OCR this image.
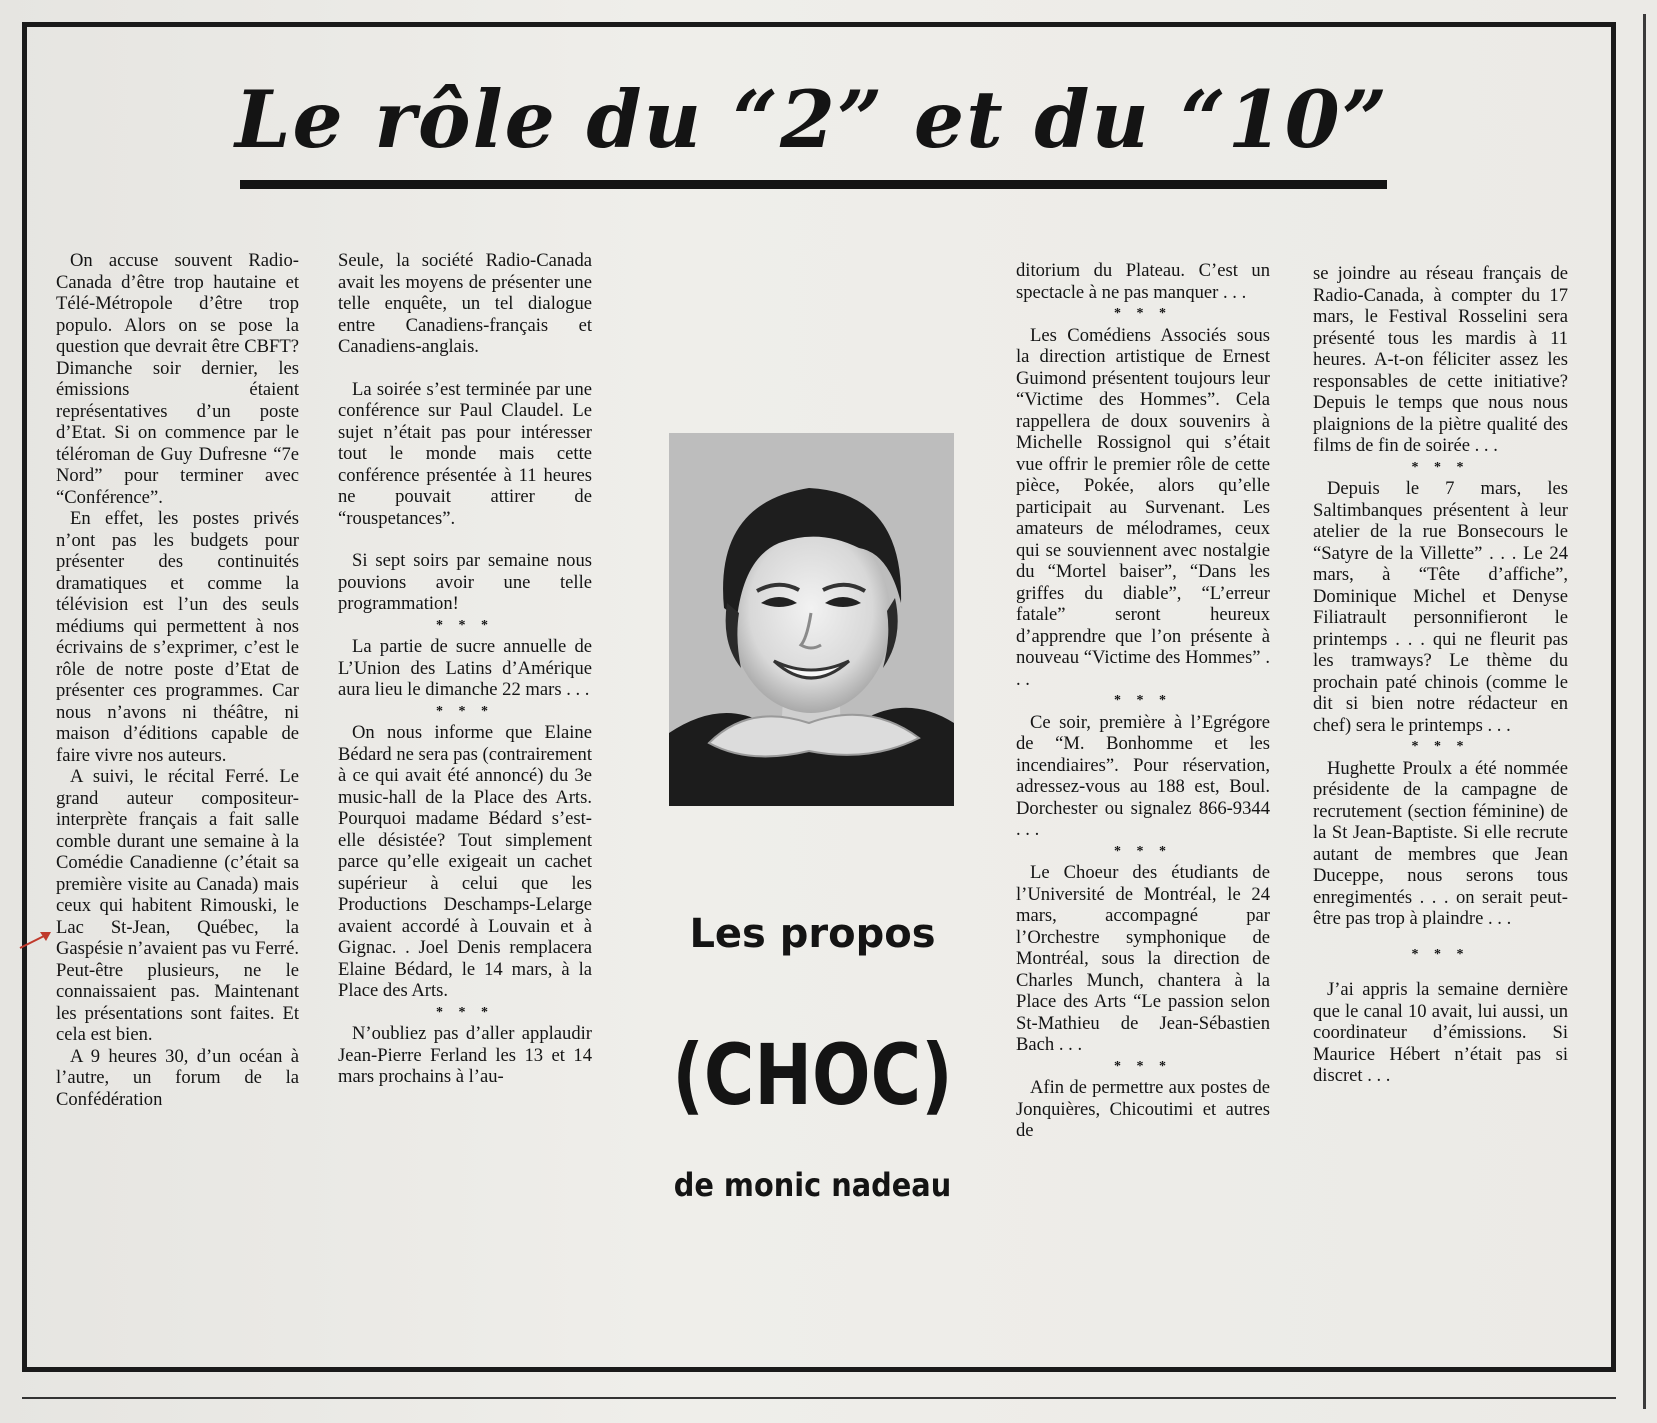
Le rôle du “2” et du “10”

On accuse souvent Radio-Canada d’être trop hautaine et Télé-Métropole d’être trop populo. Alors on se pose la question que devrait être CBFT? Dimanche soir dernier, les émissions étaient représentatives d’un poste d’Etat. Si on commence par le téléroman de Guy Dufresne “7e Nord” pour terminer avec “Conférence”.

En effet, les postes privés n’ont pas les budgets pour présenter des continuités dramatiques et comme la télévision est l’un des seuls médiums qui permettent à nos écrivains de s’exprimer, c’est le rôle de notre poste d’Etat de présenter ces programmes. Car nous n’avons ni théâtre, ni maison d’éditions capable de faire vivre nos auteurs.

A suivi, le récital Ferré. Le grand auteur compositeur-interprète français a fait salle comble durant une semaine à la Comédie Canadienne (c’était sa première visite au Canada) mais ceux qui habitent Rimouski, le Lac St-Jean, Québec, la Gaspésie n’avaient pas vu Ferré. Peut-être plusieurs, ne le connaissaient pas. Maintenant les présentations sont faites. Et cela est bien.

A 9 heures 30, d’un océan à l’autre, un forum de la Confédération

Seule, la société Radio-Canada avait les moyens de présenter une telle enquête, un tel dialogue entre Canadiens-français et Canadiens-anglais.

La soirée s’est terminée par une conférence sur Paul Claudel. Le sujet n’était pas pour intéresser tout le monde mais cette conférence présentée à 11 heures ne pouvait attirer de “rouspetances”.

Si sept soirs par semaine nous pouvions avoir une telle programmation!

* * *

La partie de sucre annuelle de L’Union des Latins d’Amérique aura lieu le dimanche 22 mars . . .

* * *

On nous informe que Elaine Bédard ne sera pas (contrairement à ce qui avait été annoncé) du 3e music-hall de la Place des Arts. Pourquoi madame Bédard s’est-elle désistée? Tout simplement parce qu’elle exigeait un cachet supérieur à celui que les Productions Deschamps-Lelarge avaient accordé à Louvain et à Gignac. . Joel Denis remplacera Elaine Bédard, le 14 mars, à la Place des Arts.

* * *

N’oubliez pas d’aller applaudir Jean-Pierre Ferland les 13 et 14 mars prochains à l’au-

Les propos
(CHOC)
de monic nadeau

ditorium du Plateau. C’est un spectacle à ne pas manquer . . .

* * *

Les Comédiens Associés sous la direction artistique de Ernest Guimond présentent toujours leur “Victime des Hommes”. Cela rappellera de doux souvenirs à Michelle Rossignol qui s’était vue offrir le premier rôle de cette pièce, Pokée, alors qu’elle participait au Survenant. Les amateurs de mélodrames, ceux qui se souviennent avec nostalgie du “Mortel baiser”, “Dans les griffes du diable”, “L’erreur fatale” seront heureux d’apprendre que l’on présente à nouveau “Victime des Hommes” . . .

* * *

Ce soir, première à l’Egrégore de “M. Bonhomme et les incendiaires”. Pour réservation, adressez-vous au 188 est, Boul. Dorchester ou signalez 866-9344 . . .

* * *

Le Choeur des étudiants de l’Université de Montréal, le 24 mars, accompagné par l’Orchestre symphonique de Montréal, sous la direction de Charles Munch, chantera à la Place des Arts “Le passion selon St-Mathieu de Jean-Sébastien Bach . . .

* * *

Afin de permettre aux postes de Jonquières, Chicoutimi et autres de

se joindre au réseau français de Radio-Canada, à compter du 17 mars, le Festival Rosselini sera présenté tous les mardis à 11 heures. A-t-on féliciter assez les responsables de cette initiative? Depuis le temps que nous nous plaignions de la piètre qualité des films de fin de soirée . . .

* * *

Depuis le 7 mars, les Saltimbanques présentent à leur atelier de la rue Bonsecours le “Satyre de la Villette” . . . Le 24 mars, à “Tête d’affiche”, Dominique Michel et Denyse Filiatrault personnifieront le printemps . . . qui ne fleurit pas les tramways? Le thème du prochain paté chinois (comme le dit si bien notre rédacteur en chef) sera le printemps . . .

* * *

Hughette Proulx a été nommée présidente de la campagne de recrutement (section féminine) de la St Jean-Baptiste. Si elle recrute autant de membres que Jean Duceppe, nous serons tous enregimentés . . . on serait peut-être pas trop à plaindre . . .

* * *

J’ai appris la semaine dernière que le canal 10 avait, lui aussi, un coordinateur d’émissions. Si Maurice Hébert n’était pas si discret . . .
